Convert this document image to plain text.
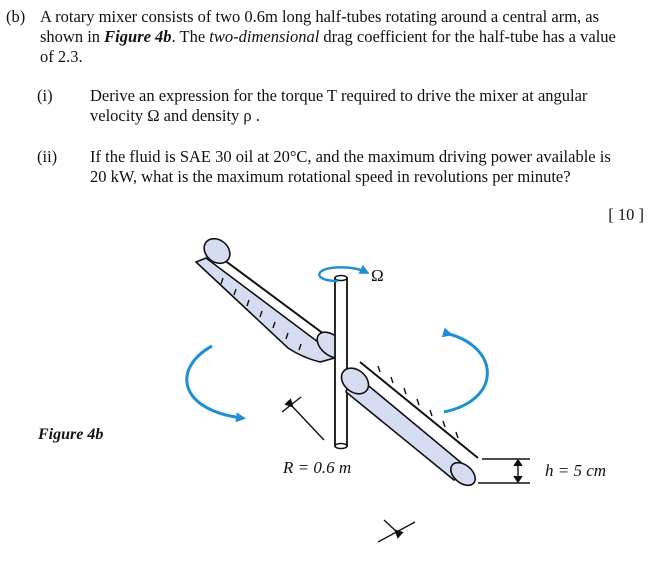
(b) A rotary mixer consists of two 0.6m long half-tubes rotating around a central arm, as
shown in Figure 4b. The two-dimensional drag coefficient for the half-tube has a value
of 2.3.
(i) Derive an expression for the torque T required to drive the mixer at angular
velocity Ω and density ρ .
(ii) If the fluid is SAE 30 oil at 20°C, and the maximum driving power available is
20 kW, what is the maximum rotational speed in revolutions per minute?
[ 10 ]
Ω
R = 0.6 m	h = 5 cm
Figure 4b
